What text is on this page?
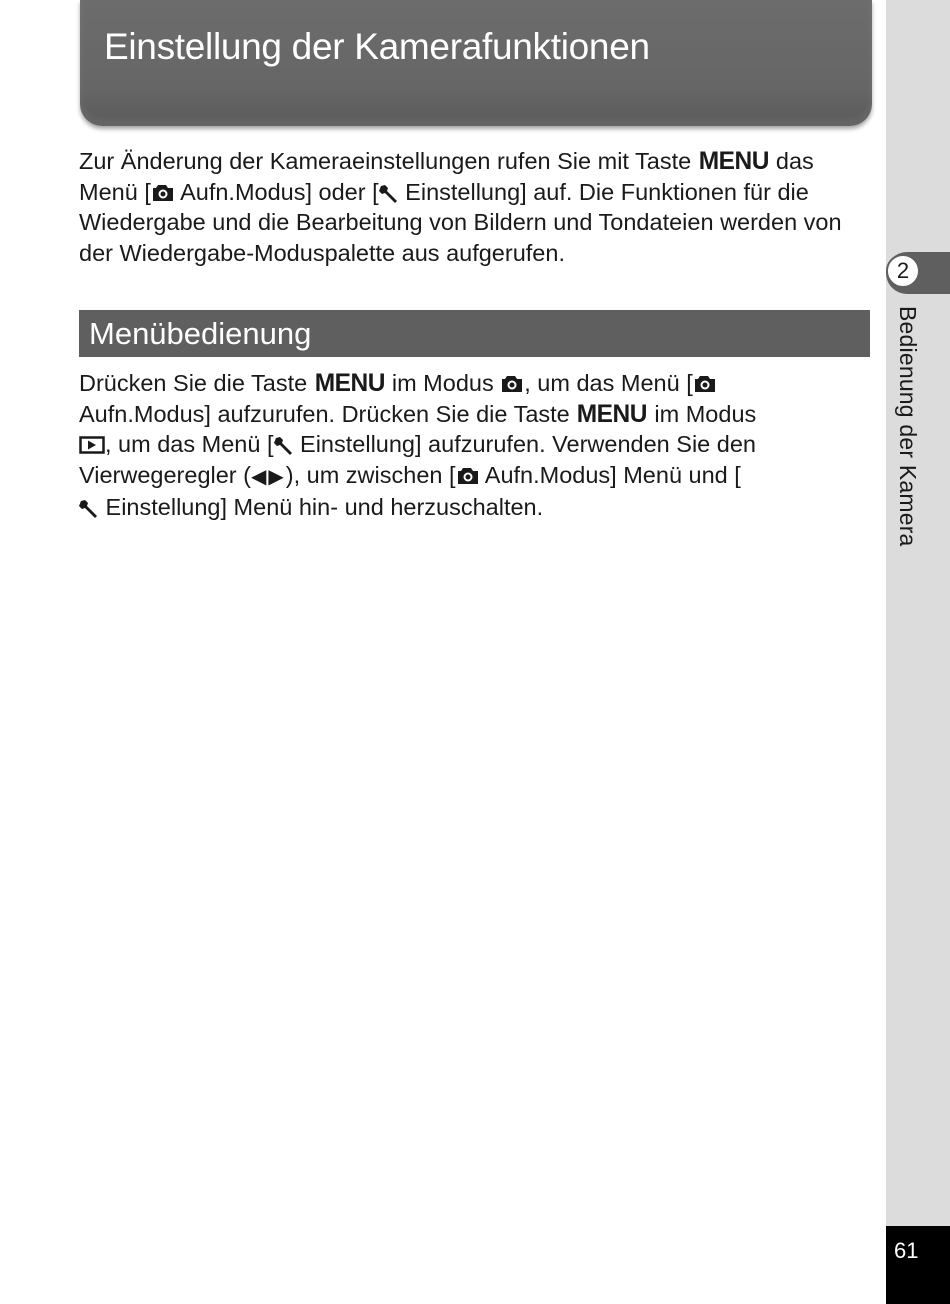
Einstellung der Kamerafunktionen

Zur Änderung der Kameraeinstellungen rufen Sie mit Taste MENU das Menü [
Aufn.Modus] oder [
Einstellung] auf. Die Funktionen für die Wiedergabe und die Bearbeitung von Bildern und Tondateien werden von der Wiedergabe-Moduspalette aus aufgerufen.

Menübedienung

Drücken Sie die Taste MENU im Modus
, um das Menü [
Aufn.Modus] aufzurufen. Drücken Sie die Taste MENU im Modus
, um das Menü [
Einstellung] aufzurufen. Verwenden Sie den Vierwegeregler (◀▶), um zwischen [
Aufn.Modus] Menü und [
Einstellung] Menü hin- und herzuschalten.

2
Bedienung der Kamera
61
